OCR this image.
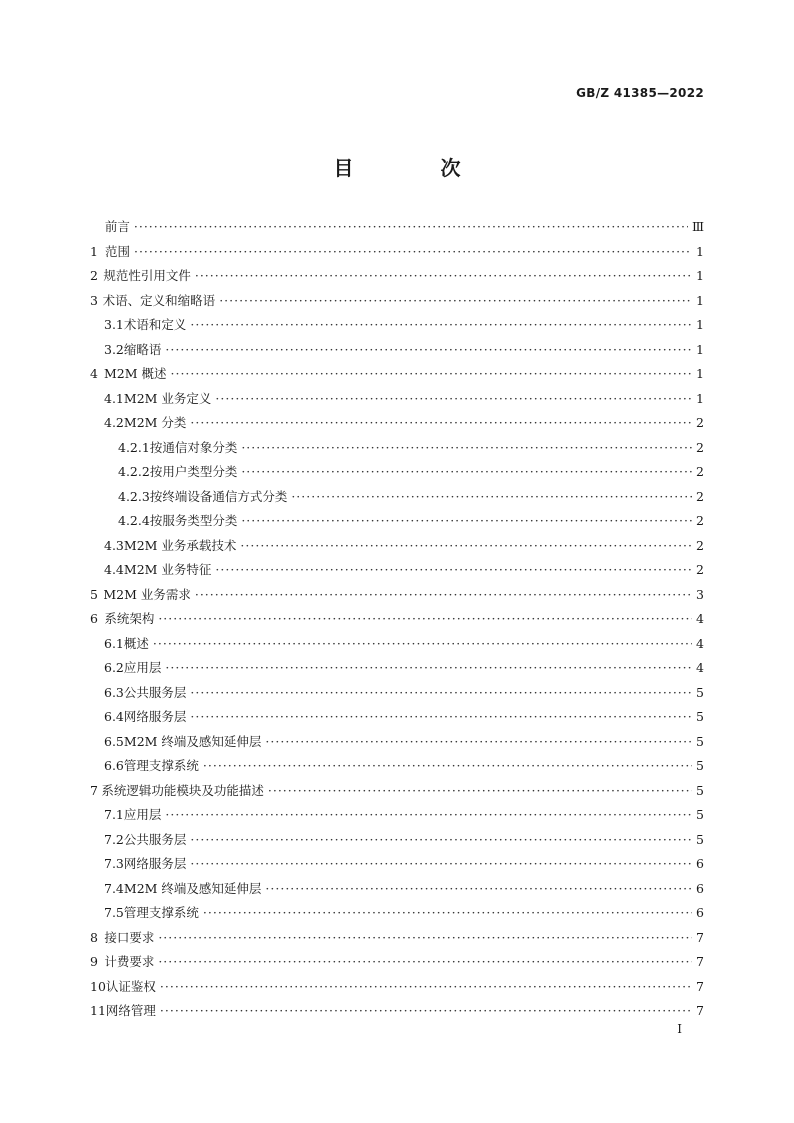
GB/Z 41385—2022
目 次
前言 ·····	Ⅲ
1 范围 ·····	1
2 规范性引用文件 ·····	1
3 术语、定义和缩略语 ·····	1
3.1 术语和定义 ·····	1
3.2 缩略语 ·····	1
4 M2M 概述 ·····	1
4.1 M2M 业务定义 ·····	1
4.2 M2M 分类 ·····	2
4.2.1 按通信对象分类 ·····	2
4.2.2 按用户类型分类 ·····	2
4.2.3 按终端设备通信方式分类 ·····	2
4.2.4 按服务类型分类 ·····	2
4.3 M2M 业务承载技术 ·····	2
4.4 M2M 业务特征 ·····	2
5 M2M 业务需求 ·····	3
6 系统架构 ·····	4
6.1 概述 ·····	4
6.2 应用层 ·····	4
6.3 公共服务层 ·····	5
6.4 网络服务层 ·····	5
6.5 M2M 终端及感知延伸层 ·····	5
6.6 管理支撑系统 ·····	5
7 系统逻辑功能模块及功能描述 ·····	5
7.1 应用层 ·····	5
7.2 公共服务层 ·····	5
7.3 网络服务层 ·····	6
7.4 M2M 终端及感知延伸层 ·····	6
7.5 管理支撑系统 ·····	6
8 接口要求 ·····	7
9 计费要求 ·····	7
10 认证鉴权 ·····	7
11 网络管理 ·····	7
Ⅰ
